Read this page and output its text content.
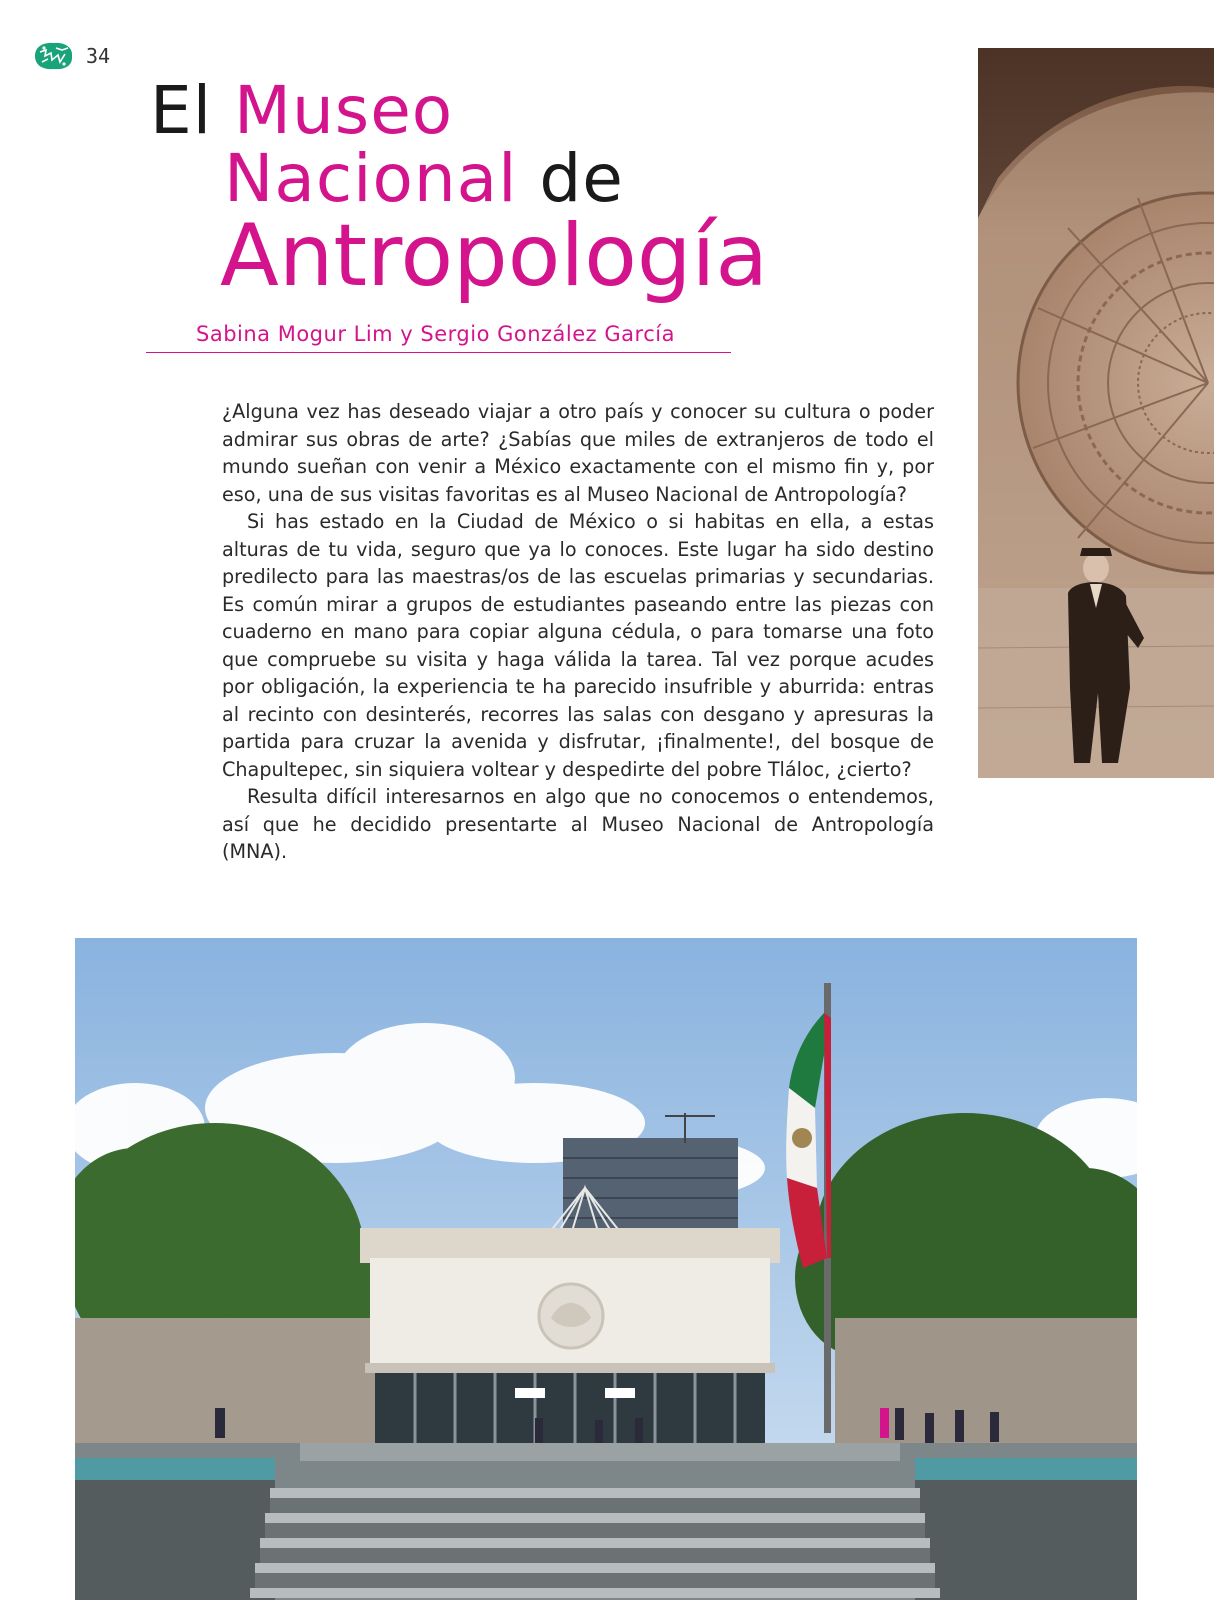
34
El Museo
Nacional de
Antropología
Sabina Mogur Lim y Sergio González García

¿Alguna vez has deseado viajar a otro país y conocer su cultura o poder admirar sus obras de arte? ¿Sabías que miles de extranjeros de todo el mundo sueñan con venir a México exactamente con el mismo fin y, por eso, una de sus visitas favoritas es al Museo Nacional de Antropología?

Si has estado en la Ciudad de México o si habitas en ella, a estas alturas de tu vida, seguro que ya lo conoces. Este lugar ha sido destino predilecto para las maestras/os de las escuelas primarias y secundarias. Es común mirar a grupos de estudiantes paseando entre las piezas con cuaderno en mano para copiar alguna cédula, o para tomarse una foto que compruebe su visita y haga válida la tarea. Tal vez porque acudes por obligación, la experiencia te ha parecido insufrible y aburrida: entras al recinto con desinterés, recorres las salas con desgano y apresuras la partida para cruzar la avenida y disfrutar, ¡finalmente!, del bosque de Chapultepec, sin siquiera voltear y despedirte del pobre Tláloc, ¿cierto?

Resulta difícil interesarnos en algo que no conocemos o entendemos, así que he decidido presentarte al Museo Nacional de Antropología (MNA).
